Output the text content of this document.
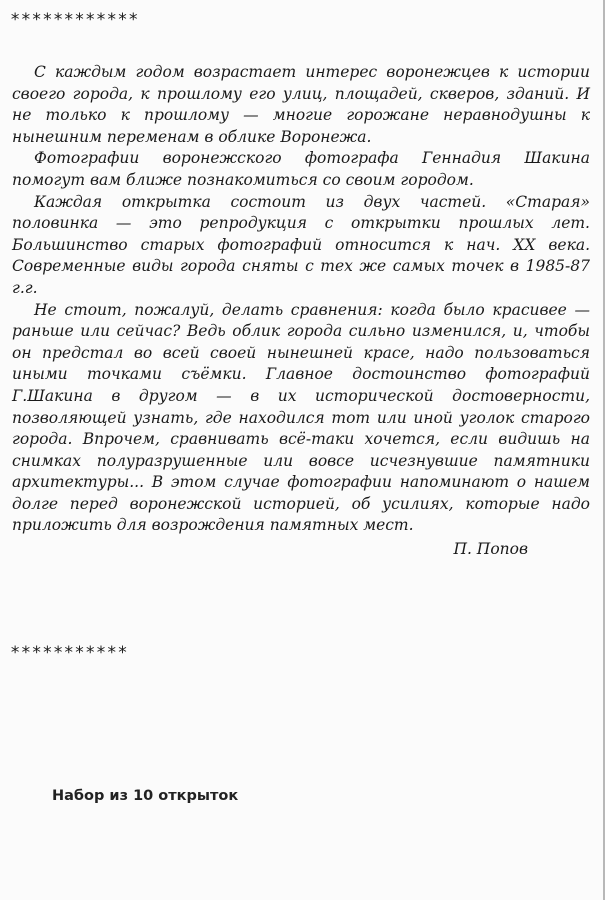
************

С каждым годом возрастает интерес воронежцев к истории своего города, к прошлому его улиц, площадей, скверов, зданий. И не только к прошлому — многие горожане неравнодушны к нынешним переменам в облике Воронежа.

Фотографии воронежского фотографа Геннадия Шакина помогут вам ближе познакомиться со своим городом.

Каждая открытка состоит из двух частей. «Старая» половинка — это репродукция с открытки прошлых лет. Большинство старых фотографий относится к нач. XX века. Современные виды города сняты с тех же самых точек в 1985-87 г.г.

Не стоит, пожалуй, делать сравнения: когда было красивее — раньше или сейчас? Ведь облик города сильно изменился, и, чтобы он предстал во всей своей нынешней красе, надо пользоваться иными точками съёмки. Главное достоинство фотографий Г.Шакина в другом — в их исторической достоверности, позволяющей узнать, где находился тот или иной уголок старого города. Впрочем, сравнивать всё-таки хочется, если видишь на снимках полуразрушенные или вовсе исчезнувшие памятники архитектуры... В этом случае фотографии напоминают о нашем долге перед воронежской историей, об усилиях, которые надо приложить для возрождения памятных мест.

П. Попов

***********
Набор из 10 открыток
